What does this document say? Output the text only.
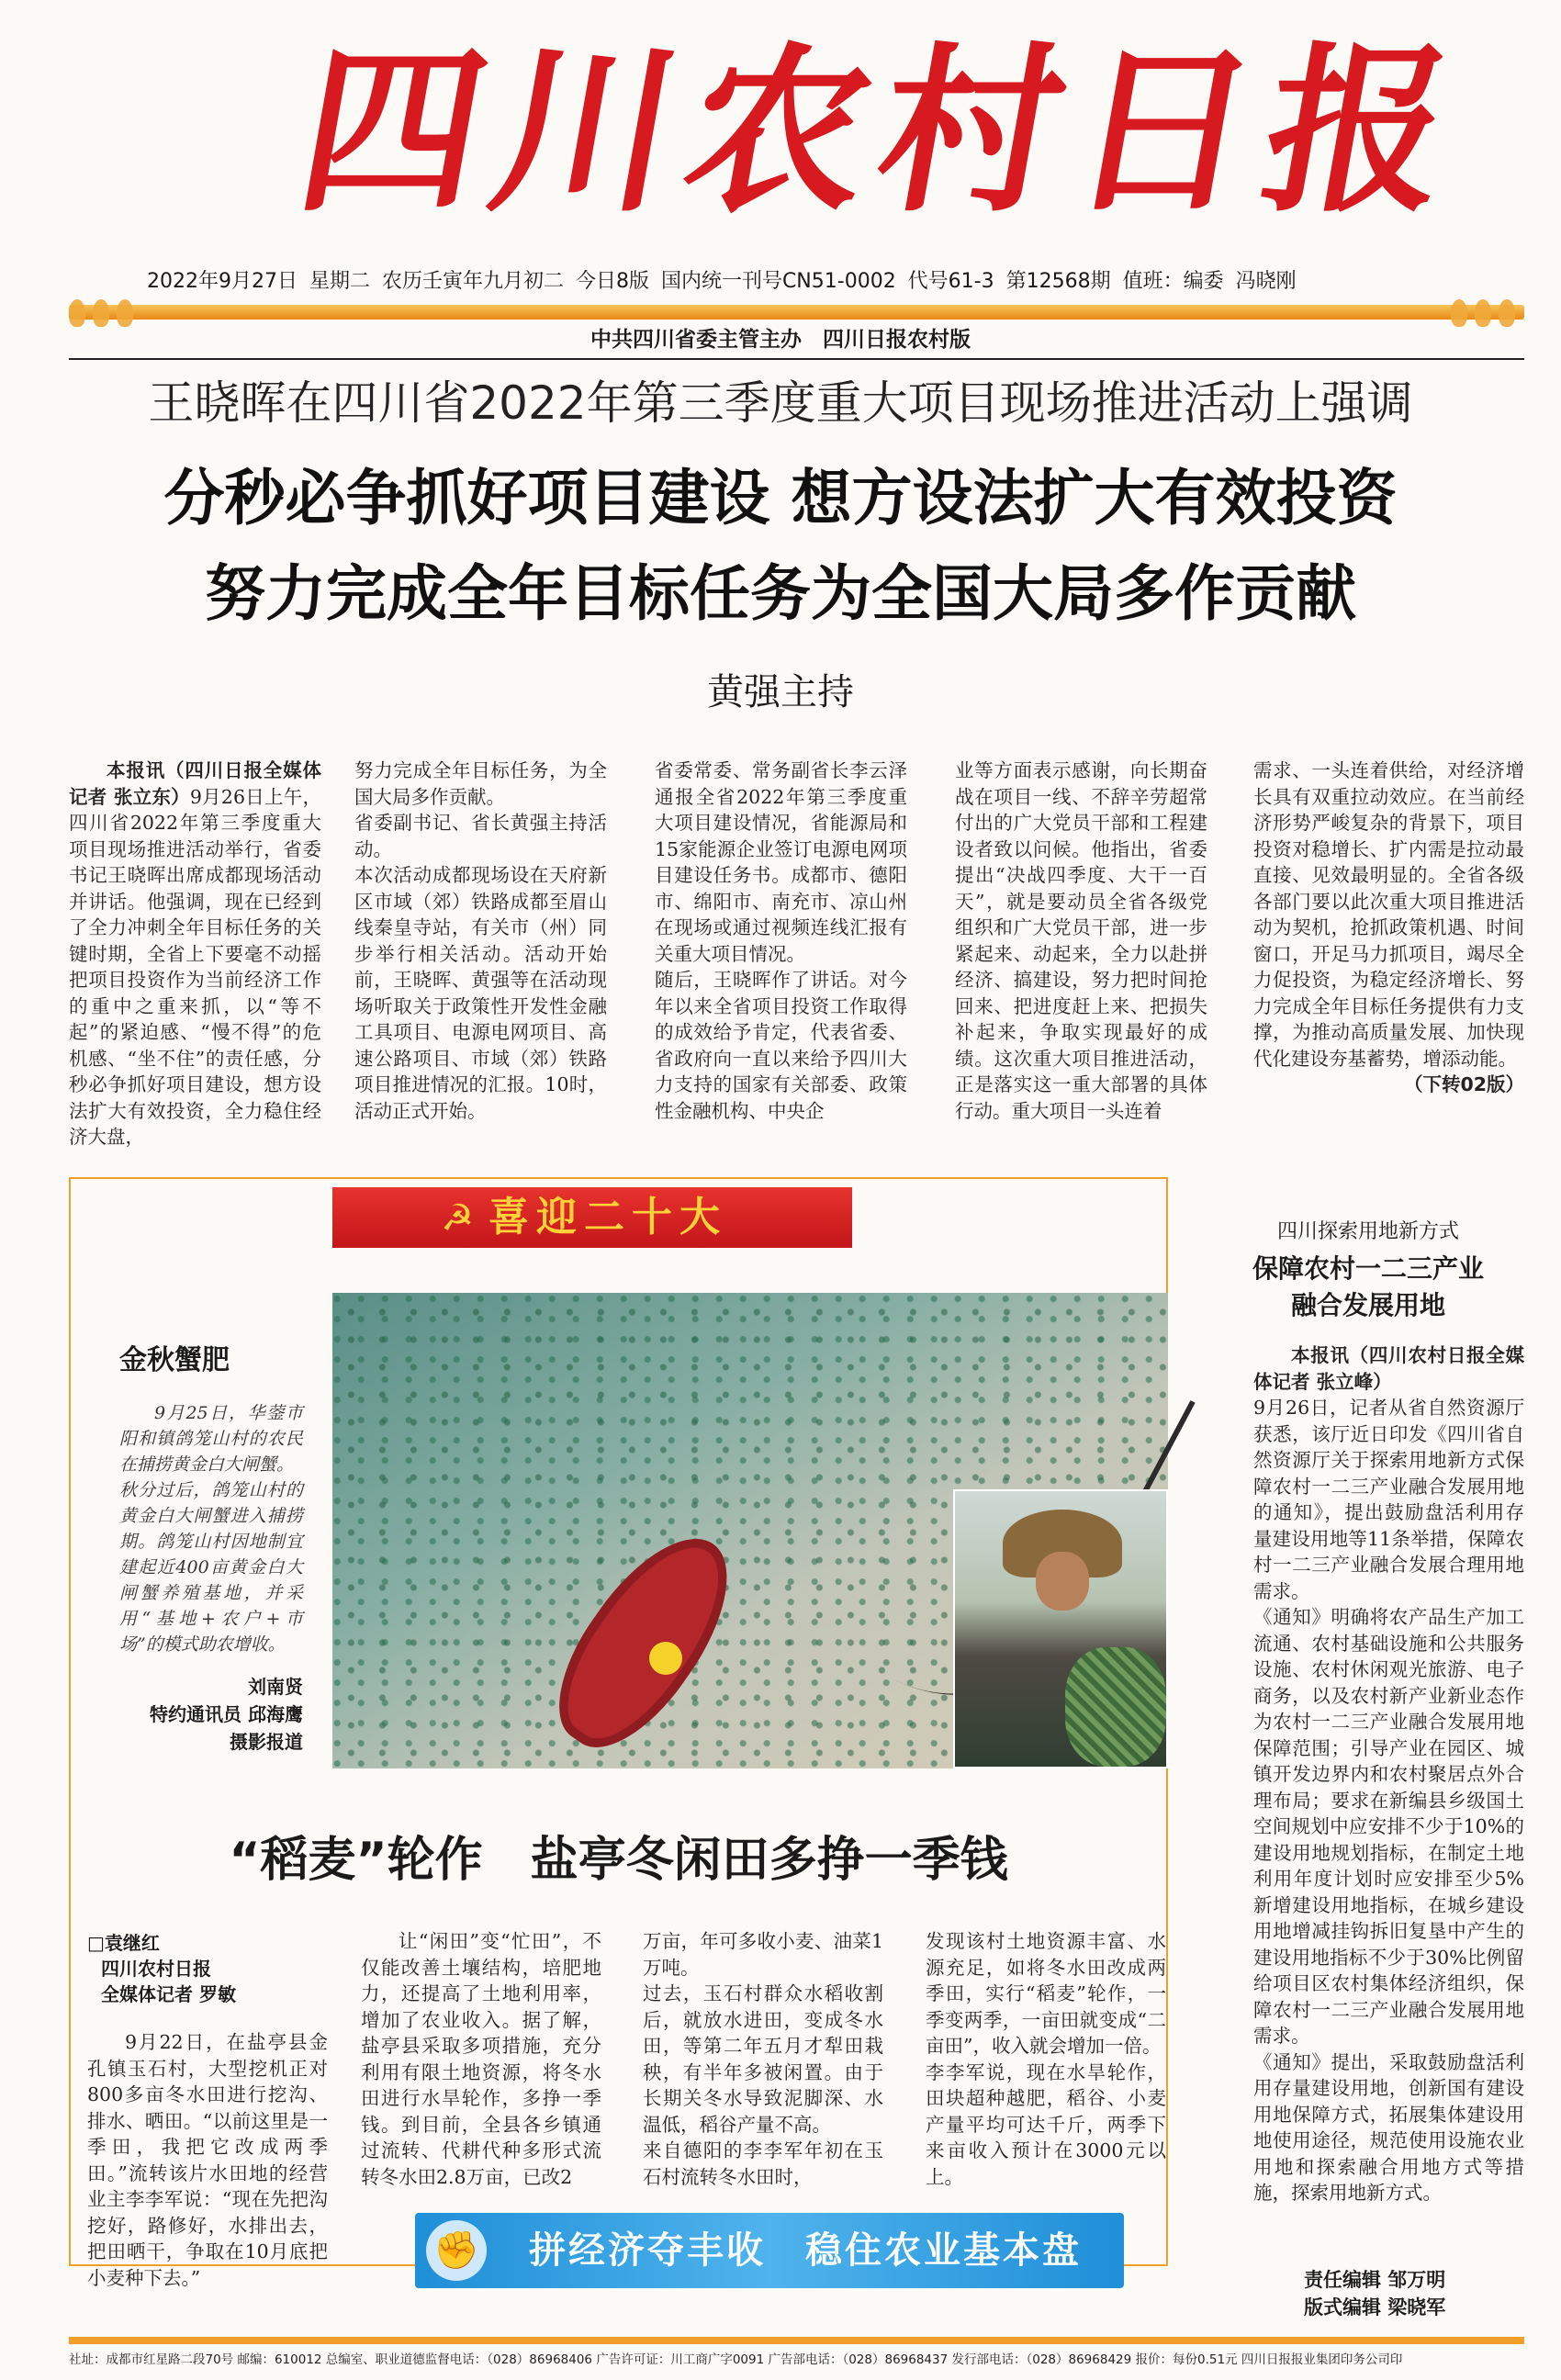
四川农村日报
2022年9月27日 星期二 农历壬寅年九月初二 今日8版 国内统一刊号CN51-0002 代号61-3 第12568期 值班：编委 冯晓刚
中共四川省委主管主办　四川日报农村版
王晓晖在四川省2022年第三季度重大项目现场推进活动上强调
分秒必争抓好项目建设 想方设法扩大有效投资
努力完成全年目标任务为全国大局多作贡献
黄强主持

本报讯（四川日报全媒体记者 张立东）9月26日上午，四川省2022年第三季度重大项目现场推进活动举行，省委书记王晓晖出席成都现场活动并讲话。他强调，现在已经到了全力冲刺全年目标任务的关键时期，全省上下要毫不动摇把项目投资作为当前经济工作的重中之重来抓，以“等不起”的紧迫感、“慢不得”的危机感、“坐不住”的责任感，分秒必争抓好项目建设，想方设法扩大有效投资，全力稳住经济大盘，

努力完成全年目标任务，为全国大局多作贡献。
省委副书记、省长黄强主持活动。
本次活动成都现场设在天府新区市域（郊）铁路成都至眉山线秦皇寺站，有关市（州）同步举行相关活动。活动开始前，王晓晖、黄强等在活动现场听取关于政策性开发性金融工具项目、电源电网项目、高速公路项目、市域（郊）铁路项目推进情况的汇报。10时，活动正式开始。
省委常委、常务副省长李云泽通报全省2022年第三季度重大项目建设情况，省能源局和15家能源企业签订电源电网项目建设任务书。成都市、德阳市、绵阳市、南充市、凉山州在现场或通过视频连线汇报有关重大项目情况。
随后，王晓晖作了讲话。对今年以来全省项目投资工作取得的成效给予肯定，代表省委、省政府向一直以来给予四川大力支持的国家有关部委、政策性金融机构、中央企
业等方面表示感谢，向长期奋战在项目一线、不辞辛劳超常付出的广大党员干部和工程建设者致以问候。他指出，省委提出“决战四季度、大干一百天”，就是要动员全省各级党组织和广大党员干部，进一步紧起来、动起来，全力以赴拼经济、搞建设，努力把时间抢回来、把进度赶上来、把损失补起来，争取实现最好的成绩。这次重大项目推进活动，正是落实这一重大部署的具体行动。重大项目一头连着
需求、一头连着供给，对经济增长具有双重拉动效应。在当前经济形势严峻复杂的背景下，项目投资对稳增长、扩内需是拉动最直接、见效最明显的。全省各级各部门要以此次重大项目推进活动为契机，抢抓政策机遇、时间窗口，开足马力抓项目，竭尽全力促投资，为稳定经济增长、努力完成全年目标任务提供有力支撑，为推动高质量发展、加快现代化建设夯基蓄势，增添动能。
（下转02版）
☭ 喜迎二十大
金秋蟹肥
9月25日，华蓥市阳和镇鸽笼山村的农民在捕捞黄金白大闸蟹。
秋分过后，鸽笼山村的黄金白大闸蟹进入捕捞期。鸽笼山村因地制宜建起近400亩黄金白大闸蟹养殖基地，并采用“基地+农户+市场”的模式助农增收。
刘南贤
特约通讯员 邱海鹰
摄影报道
“稻麦”轮作　盐亭冬闲田多挣一季钱
□袁继红
四川农村日报
全媒体记者 罗敏

9月22日，在盐亭县金孔镇玉石村，大型挖机正对800多亩冬水田进行挖沟、排水、晒田。“以前这里是一季田，我把它改成两季田。”流转该片水田地的经营业主李李军说：“现在先把沟挖好，路修好，水排出去，把田晒干，争取在10月底把小麦种下去。”

让“闲田”变“忙田”，不仅能改善土壤结构，培肥地力，还提高了土地利用率，增加了农业收入。据了解，盐亭县采取多项措施，充分利用有限土地资源，将冬水田进行水旱轮作，多挣一季钱。到目前，全县各乡镇通过流转、代耕代种多形式流转冬水田2.8万亩，已改2
万亩，年可多收小麦、油菜1万吨。
过去，玉石村群众水稻收割后，就放水进田，变成冬水田，等第二年五月才犁田栽秧，有半年多被闲置。由于长期关冬水导致泥脚深、水温低，稻谷产量不高。
来自德阳的李李军年初在玉石村流转冬水田时，
发现该村土地资源丰富、水源充足，如将冬水田改成两季田，实行“稻麦”轮作，一季变两季，一亩田就变成“二亩田”，收入就会增加一倍。
李李军说，现在水旱轮作，田块超种越肥，稻谷、小麦产量平均可达千斤，两季下来亩收入预计在3000元以上。
✊	拼经济夺丰收　稳住农业基本盘
四川探索用地新方式
保障农村一二三产业
融合发展用地

本报讯（四川农村日报全媒体记者 张立峰）

9月26日，记者从省自然资源厅获悉，该厅近日印发《四川省自然资源厅关于探索用地新方式保障农村一二三产业融合发展用地的通知》，提出鼓励盘活利用存量建设用地等11条举措，保障农村一二三产业融合发展合理用地需求。
《通知》明确将农产品生产加工流通、农村基础设施和公共服务设施、农村休闲观光旅游、电子商务，以及农村新产业新业态作为农村一二三产业融合发展用地保障范围；引导产业在园区、城镇开发边界内和农村聚居点外合理布局；要求在新编县乡级国土空间规划中应安排不少于10%的建设用地规划指标，在制定土地利用年度计划时应安排至少5%新增建设用地指标，在城乡建设用地增减挂钩拆旧复垦中产生的建设用地指标不少于30%比例留给项目区农村集体经济组织，保障农村一二三产业融合发展用地需求。
《通知》提出，采取鼓励盘活利用存量建设用地，创新国有建设用地保障方式，拓展集体建设用地使用途径，规范使用设施农业用地和探索融合用地方式等措施，探索用地新方式。
责任编辑 邹万明
版式编辑 梁晓军
社址：成都市红星路二段70号 邮编：610012 总编室、职业道德监督电话：（028）86968406 广告许可证：川工商广字0091 广告部电话：（028）86968437 发行部电话：（028）86968429 报价：每份0.51元 四川日报报业集团印务公司印
